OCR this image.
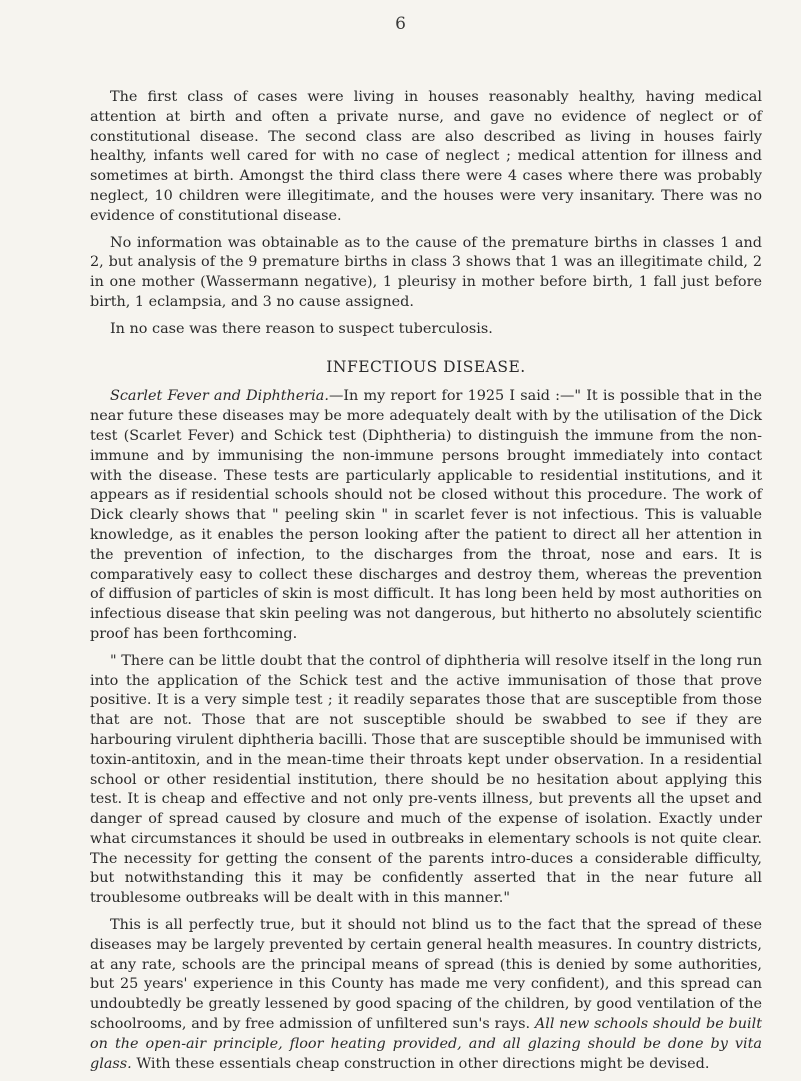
6

The first class of cases were living in houses reasonably healthy, having medical attention at birth and often a private nurse, and gave no evidence of neglect or of constitutional disease. The second class are also described as living in houses fairly healthy, infants well cared for with no case of neglect ; medical attention for illness and sometimes at birth. Amongst the third class there were 4 cases where there was probably neglect, 10 children were illegitimate, and the houses were very insanitary. There was no evidence of constitutional disease.

No information was obtainable as to the cause of the premature births in classes 1 and 2, but analysis of the 9 premature births in class 3 shows that 1 was an illegitimate child, 2 in one mother (Wassermann negative), 1 pleurisy in mother before birth, 1 fall just before birth, 1 eclampsia, and 3 no cause assigned.

In no case was there reason to suspect tuberculosis.

INFECTIOUS DISEASE.

Scarlet Fever and Diphtheria.—In my report for 1925 I said :—" It is possible that in the near future these diseases may be more adequately dealt with by the utilisation of the Dick test (Scarlet Fever) and Schick test (Diphtheria) to distinguish the immune from the non-immune and by immunising the non-immune persons brought immediately into contact with the disease. These tests are particularly applicable to residential institutions, and it appears as if residential schools should not be closed without this procedure. The work of Dick clearly shows that " peeling skin " in scarlet fever is not infectious. This is valuable knowledge, as it enables the person looking after the patient to direct all her attention in the prevention of infection, to the discharges from the throat, nose and ears. It is comparatively easy to collect these discharges and destroy them, whereas the prevention of diffusion of particles of skin is most difficult. It has long been held by most authorities on infectious disease that skin peeling was not dangerous, but hitherto no absolutely scientific proof has been forthcoming.

" There can be little doubt that the control of diphtheria will resolve itself in the long run into the application of the Schick test and the active immunisation of those that prove positive. It is a very simple test ; it readily separates those that are susceptible from those that are not. Those that are not susceptible should be swabbed to see if they are harbouring virulent diphtheria bacilli. Those that are susceptible should be immunised with toxin-antitoxin, and in the mean-time their throats kept under observation. In a residential school or other residential institution, there should be no hesitation about applying this test. It is cheap and effective and not only pre-vents illness, but prevents all the upset and danger of spread caused by closure and much of the expense of isolation. Exactly under what circumstances it should be used in outbreaks in elementary schools is not quite clear. The necessity for getting the consent of the parents intro-duces a considerable difficulty, but notwithstanding this it may be confidently asserted that in the near future all troublesome outbreaks will be dealt with in this manner."

This is all perfectly true, but it should not blind us to the fact that the spread of these diseases may be largely prevented by certain general health measures. In country districts, at any rate, schools are the principal means of spread (this is denied by some authorities, but 25 years' experience in this County has made me very confident), and this spread can undoubtedly be greatly lessened by good spacing of the children, by good ventilation of the schoolrooms, and by free admission of unfiltered sun's rays. All new schools should be built on the open-air principle, floor heating provided, and all glazing should be done by vita glass. With these essentials cheap construction in other directions might be devised.
